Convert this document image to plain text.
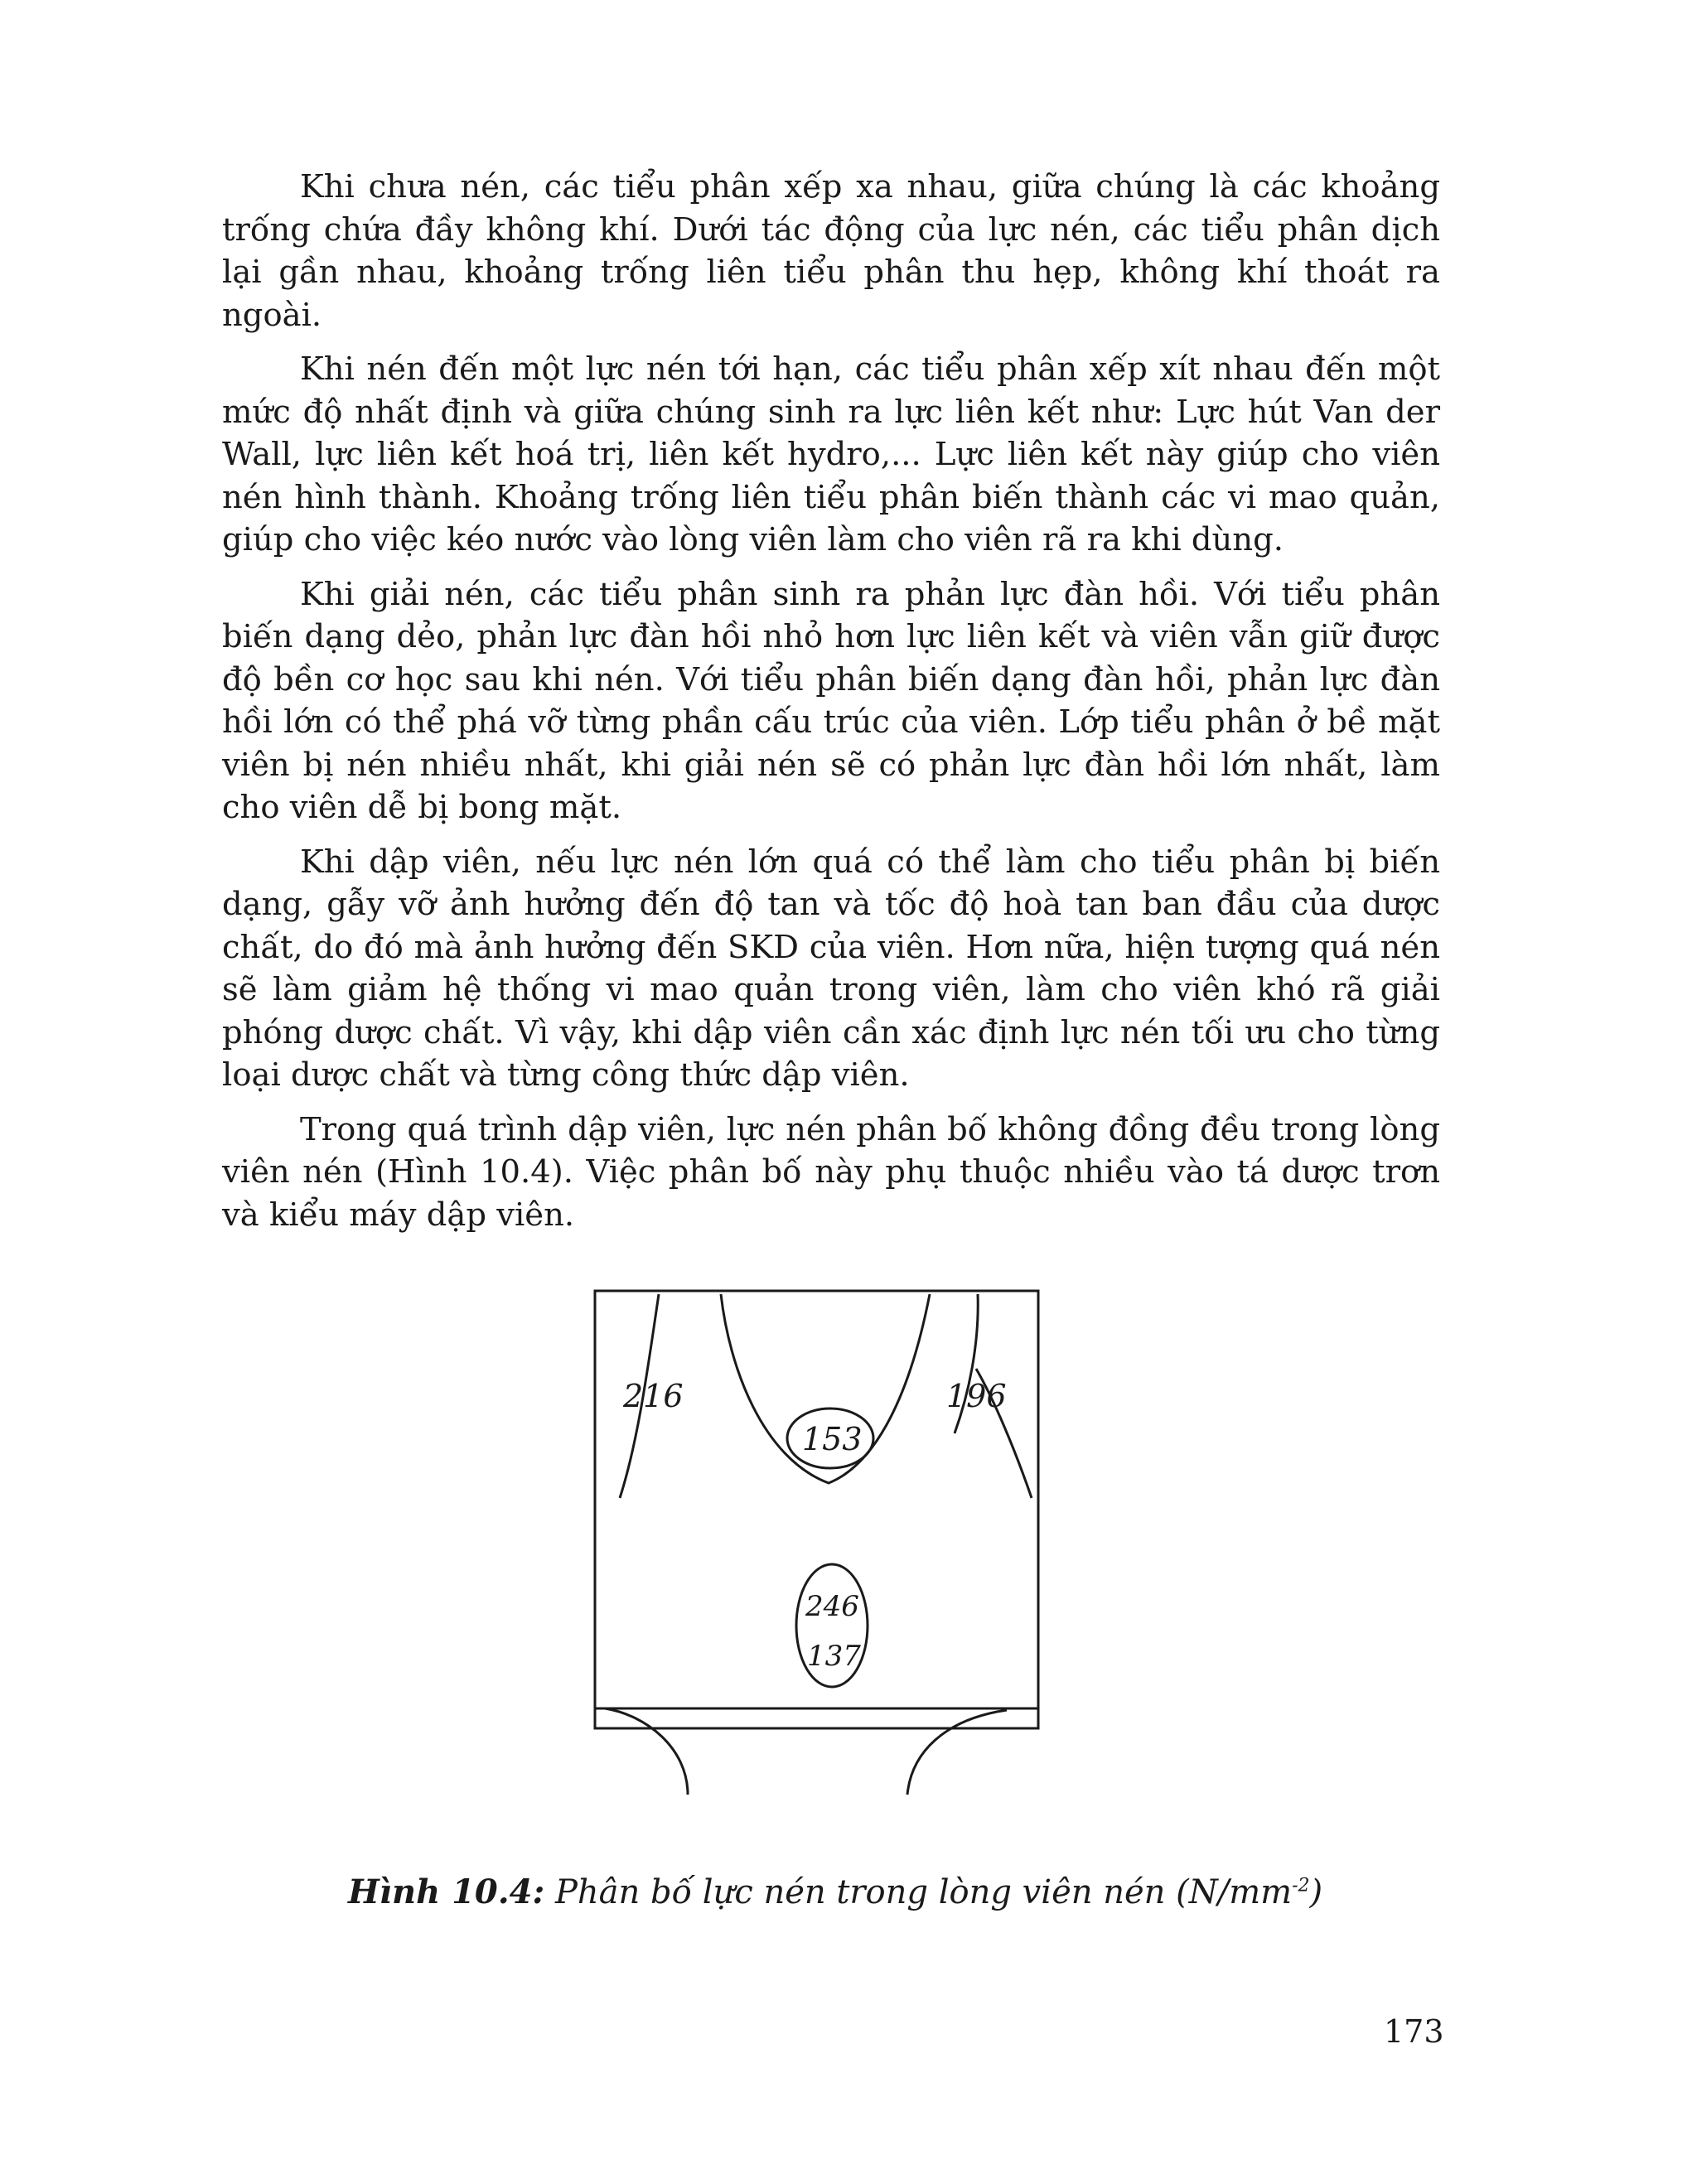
Khi chưa nén, các tiểu phân xếp xa nhau, giữa chúng là các khoảng trống chứa đầy không khí. Dưới tác động của lực nén, các tiểu phân dịch lại gần nhau, khoảng trống liên tiểu phân thu hẹp, không khí thoát ra ngoài.

Khi nén đến một lực nén tới hạn, các tiểu phân xếp xít nhau đến một mức độ nhất định và giữa chúng sinh ra lực liên kết như: Lực hút Van der Wall, lực liên kết hoá trị, liên kết hydro,... Lực liên kết này giúp cho viên nén hình thành. Khoảng trống liên tiểu phân biến thành các vi mao quản, giúp cho việc kéo nước vào lòng viên làm cho viên rã ra khi dùng.

Khi giải nén, các tiểu phân sinh ra phản lực đàn hồi. Với tiểu phân biến dạng dẻo, phản lực đàn hồi nhỏ hơn lực liên kết và viên vẫn giữ được độ bền cơ học sau khi nén. Với tiểu phân biến dạng đàn hồi, phản lực đàn hồi lớn có thể phá vỡ từng phần cấu trúc của viên. Lớp tiểu phân ở bề mặt viên bị nén nhiều nhất, khi giải nén sẽ có phản lực đàn hồi lớn nhất, làm cho viên dễ bị bong mặt.

Khi dập viên, nếu lực nén lớn quá có thể làm cho tiểu phân bị biến dạng, gẫy vỡ ảnh hưởng đến độ tan và tốc độ hoà tan ban đầu của dược chất, do đó mà ảnh hưởng đến SKD của viên. Hơn nữa, hiện tượng quá nén sẽ làm giảm hệ thống vi mao quản trong viên, làm cho viên khó rã giải phóng dược chất. Vì vậy, khi dập viên cần xác định lực nén tối ưu cho từng loại dược chất và từng công thức dập viên.

Trong quá trình dập viên, lực nén phân bố không đồng đều trong lòng viên nén (Hình 10.4). Việc phân bố này phụ thuộc nhiều vào tá dược trơn và kiểu máy dập viên.

216	196
153
246
137
Hình 10.4: Phân bố lực nén trong lòng viên nén $(N/mm^{-2})$
173
